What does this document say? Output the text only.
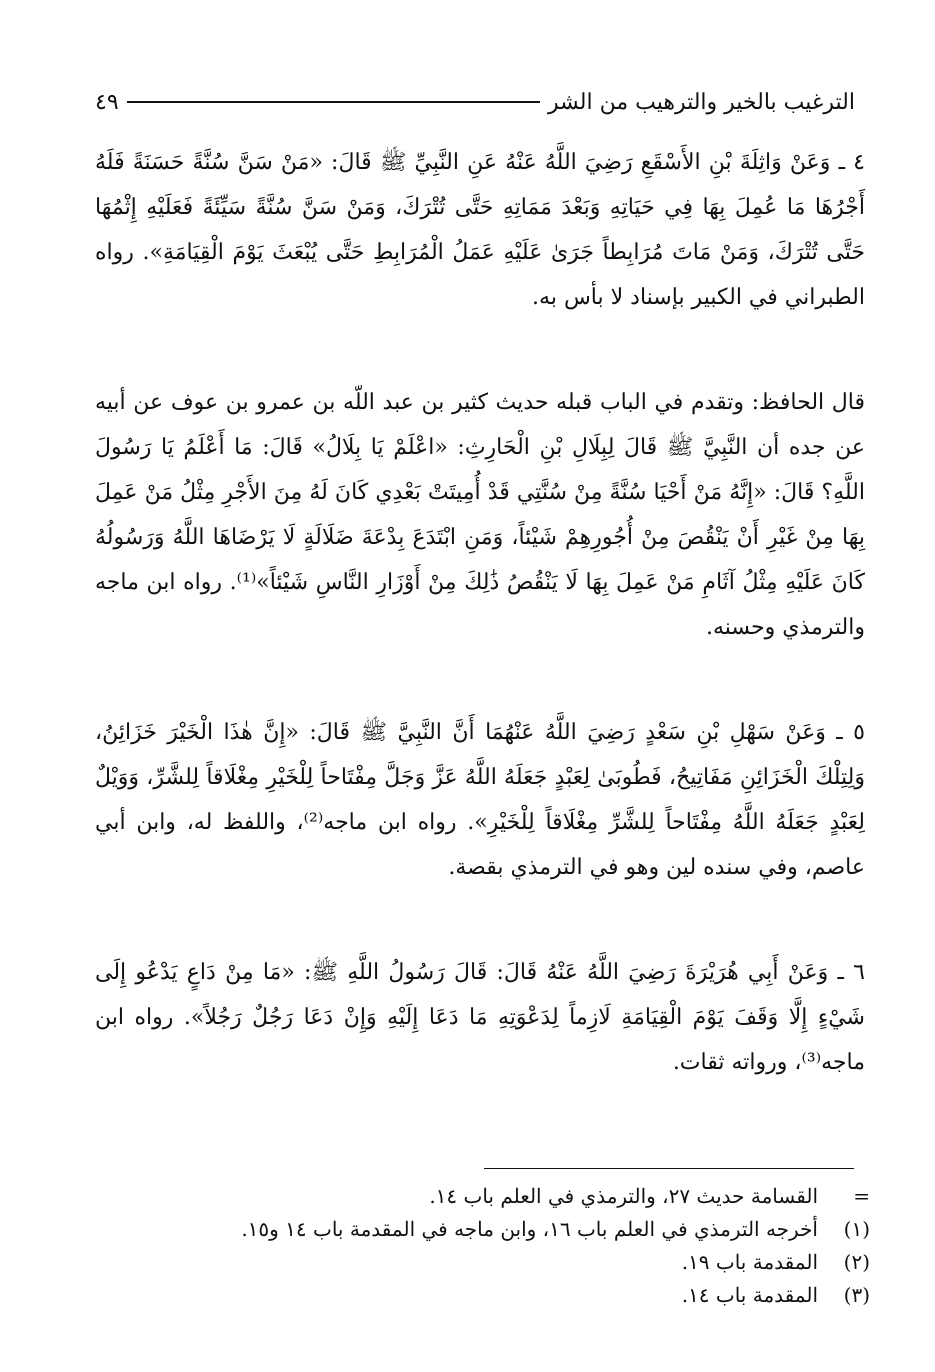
الترغيب بالخير والترهيب من الشر
٤٩

٤ ـ وَعَنْ وَاثِلَةَ بْنِ الأَسْقَعِ رَضِيَ اللَّهُ عَنْهُ عَنِ النَّبِيِّ ﷺ قَالَ: «مَنْ سَنَّ سُنَّةً حَسَنَةً فَلَهُ أَجْرُهَا مَا عُمِلَ بِهَا فِي حَيَاتِهِ وَبَعْدَ مَمَاتِهِ حَتَّى تُتْرَكَ، وَمَنْ سَنَّ سُنَّةً سَيِّئَةً فَعَلَيْهِ إِثْمُهَا حَتَّى تُتْرَكَ، وَمَنْ مَاتَ مُرَابِطاً جَرَىٰ عَلَيْهِ عَمَلُ الْمُرَابِطِ حَتَّى يُبْعَثَ يَوْمَ الْقِيَامَةِ». رواه الطبراني في الكبير بإسناد لا بأس به.

قال الحافظ: وتقدم في الباب قبله حديث كثير بن عبد اللّه بن عمرو بن عوف عن أبيه عن جده أن النَّبِيَّ ﷺ قَالَ لِبِلَالِ بْنِ الْحَارِثِ: «اعْلَمْ يَا بِلَالُ» قَالَ: مَا أَعْلَمُ يَا رَسُولَ اللَّهِ؟ قَالَ: «إِنَّهُ مَنْ أَحْيَا سُنَّةً مِنْ سُنَّتِي قَدْ أُمِيتَتْ بَعْدِي كَانَ لَهُ مِنَ الأَجْرِ مِثْلُ مَنْ عَمِلَ بِهَا مِنْ غَيْرِ أَنْ يَنْقُصَ مِنْ أُجُورِهِمْ شَيْئاً، وَمَنِ ابْتَدَعَ بِدْعَةَ ضَلَالَةٍ لَا يَرْضَاهَا اللَّهُ وَرَسُولُهُ كَانَ عَلَيْهِ مِثْلُ آثَامِ مَنْ عَمِلَ بِهَا لَا يَنْقُصُ ذَٰلِكَ مِنْ أَوْزَارِ النَّاسِ شَيْئاً»⁽¹⁾. رواه ابن ماجه والترمذي وحسنه.

٥ ـ وَعَنْ سَهْلِ بْنِ سَعْدٍ رَضِيَ اللَّهُ عَنْهُمَا أَنَّ النَّبِيَّ ﷺ قَالَ: «إِنَّ هٰذَا الْخَيْرَ خَزَائِنُ، وَلِتِلْكَ الْخَزَائِنِ مَفَاتِيحُ، فَطُوبَىٰ لِعَبْدٍ جَعَلَهُ اللَّهُ عَزَّ وَجَلَّ مِفْتَاحاً لِلْخَيْرِ مِغْلَاقاً لِلشَّرِّ، وَوَيْلٌ لِعَبْدٍ جَعَلَهُ اللَّهُ مِفْتَاحاً لِلشَّرِّ مِغْلَاقاً لِلْخَيْرِ». رواه ابن ماجه⁽²⁾، واللفظ له، وابن أبي عاصم، وفي سنده لين وهو في الترمذي بقصة.

٦ ـ وَعَنْ أَبِي هُرَيْرَةَ رَضِيَ اللَّهُ عَنْهُ قَالَ: قَالَ رَسُولُ اللَّهِ ﷺ: «مَا مِنْ دَاعٍ يَدْعُو إِلَى شَيْءٍ إِلَّا وَقَفَ يَوْمَ الْقِيَامَةِ لَازِماً لِدَعْوَتِهِ مَا دَعَا إِلَيْهِ وَإِنْ دَعَا رَجُلٌ رَجُلاً». رواه ابن ماجه⁽³⁾، ورواته ثقات.

=
القسامة حديث ٢٧، والترمذي في العلم باب ١٤.
(١)
أخرجه الترمذي في العلم باب ١٦، وابن ماجه في المقدمة باب ١٤ و١٥.
(٢)
المقدمة باب ١٩.
(٣)
المقدمة باب ١٤.
